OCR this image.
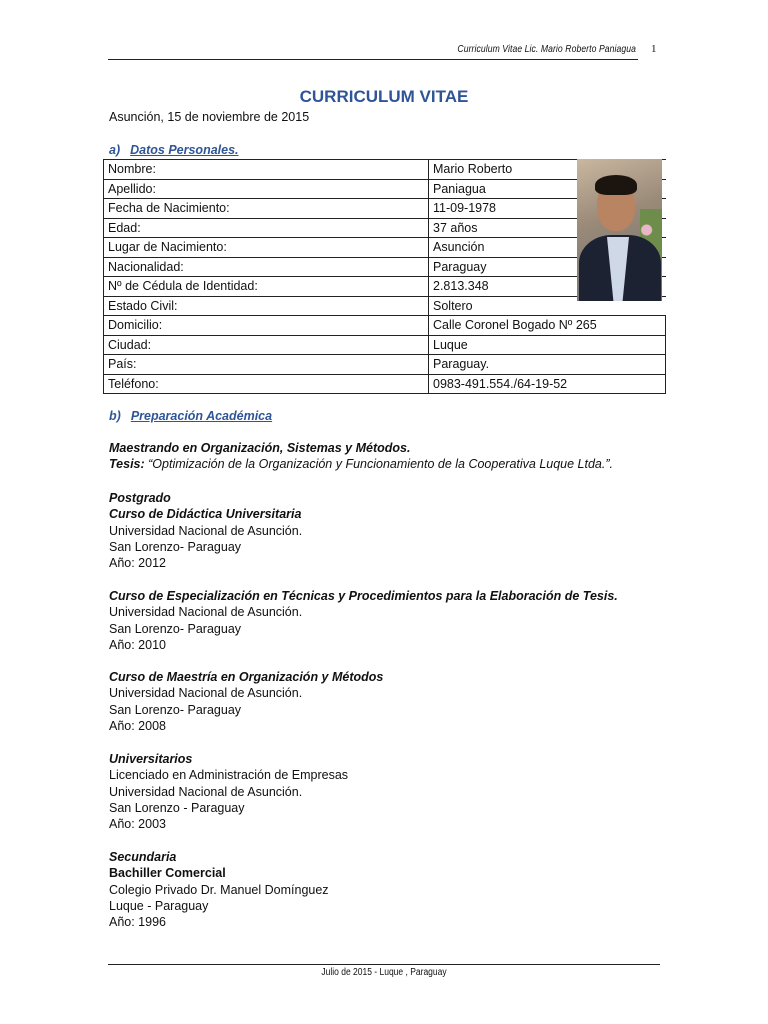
Curriculum Vitae Lic. Mario Roberto Paniagua 1
CURRICULUM VITAE
Asunción, 15 de noviembre de 2015
a) Datos Personales.
Nombre:	Mario Roberto
Apellido:	Paniagua
Fecha de Nacimiento:	11-09-1978
Edad:	37 años
Lugar de Nacimiento:	Asunción
Nacionalidad:	Paraguay
Nº de Cédula de Identidad:	2.813.348
Estado Civil:	Soltero
Domicilio:	Calle Coronel Bogado Nº 265
Ciudad:	Luque
País:	Paraguay.
Teléfono:	0983-491.554./64-19-52
b) Preparación Académica
Maestrando en Organización, Sistemas y Métodos.
Tesis: “Optimización de la Organización y Funcionamiento de la Cooperativa Luque Ltda.”.
Postgrado
Curso de Didáctica Universitaria
Universidad Nacional de Asunción.
San Lorenzo- Paraguay
Año: 2012
Curso de Especialización en Técnicas y Procedimientos para la Elaboración de Tesis.
Universidad Nacional de Asunción.
San Lorenzo- Paraguay
Año: 2010
Curso de Maestría en Organización y Métodos
Universidad Nacional de Asunción.
San Lorenzo- Paraguay
Año: 2008
Universitarios
Licenciado en Administración de Empresas
Universidad Nacional de Asunción.
San Lorenzo - Paraguay
Año: 2003
Secundaria
Bachiller Comercial
Colegio Privado Dr. Manuel Domínguez
Luque - Paraguay
Año: 1996
Julio de 2015 - Luque , Paraguay
